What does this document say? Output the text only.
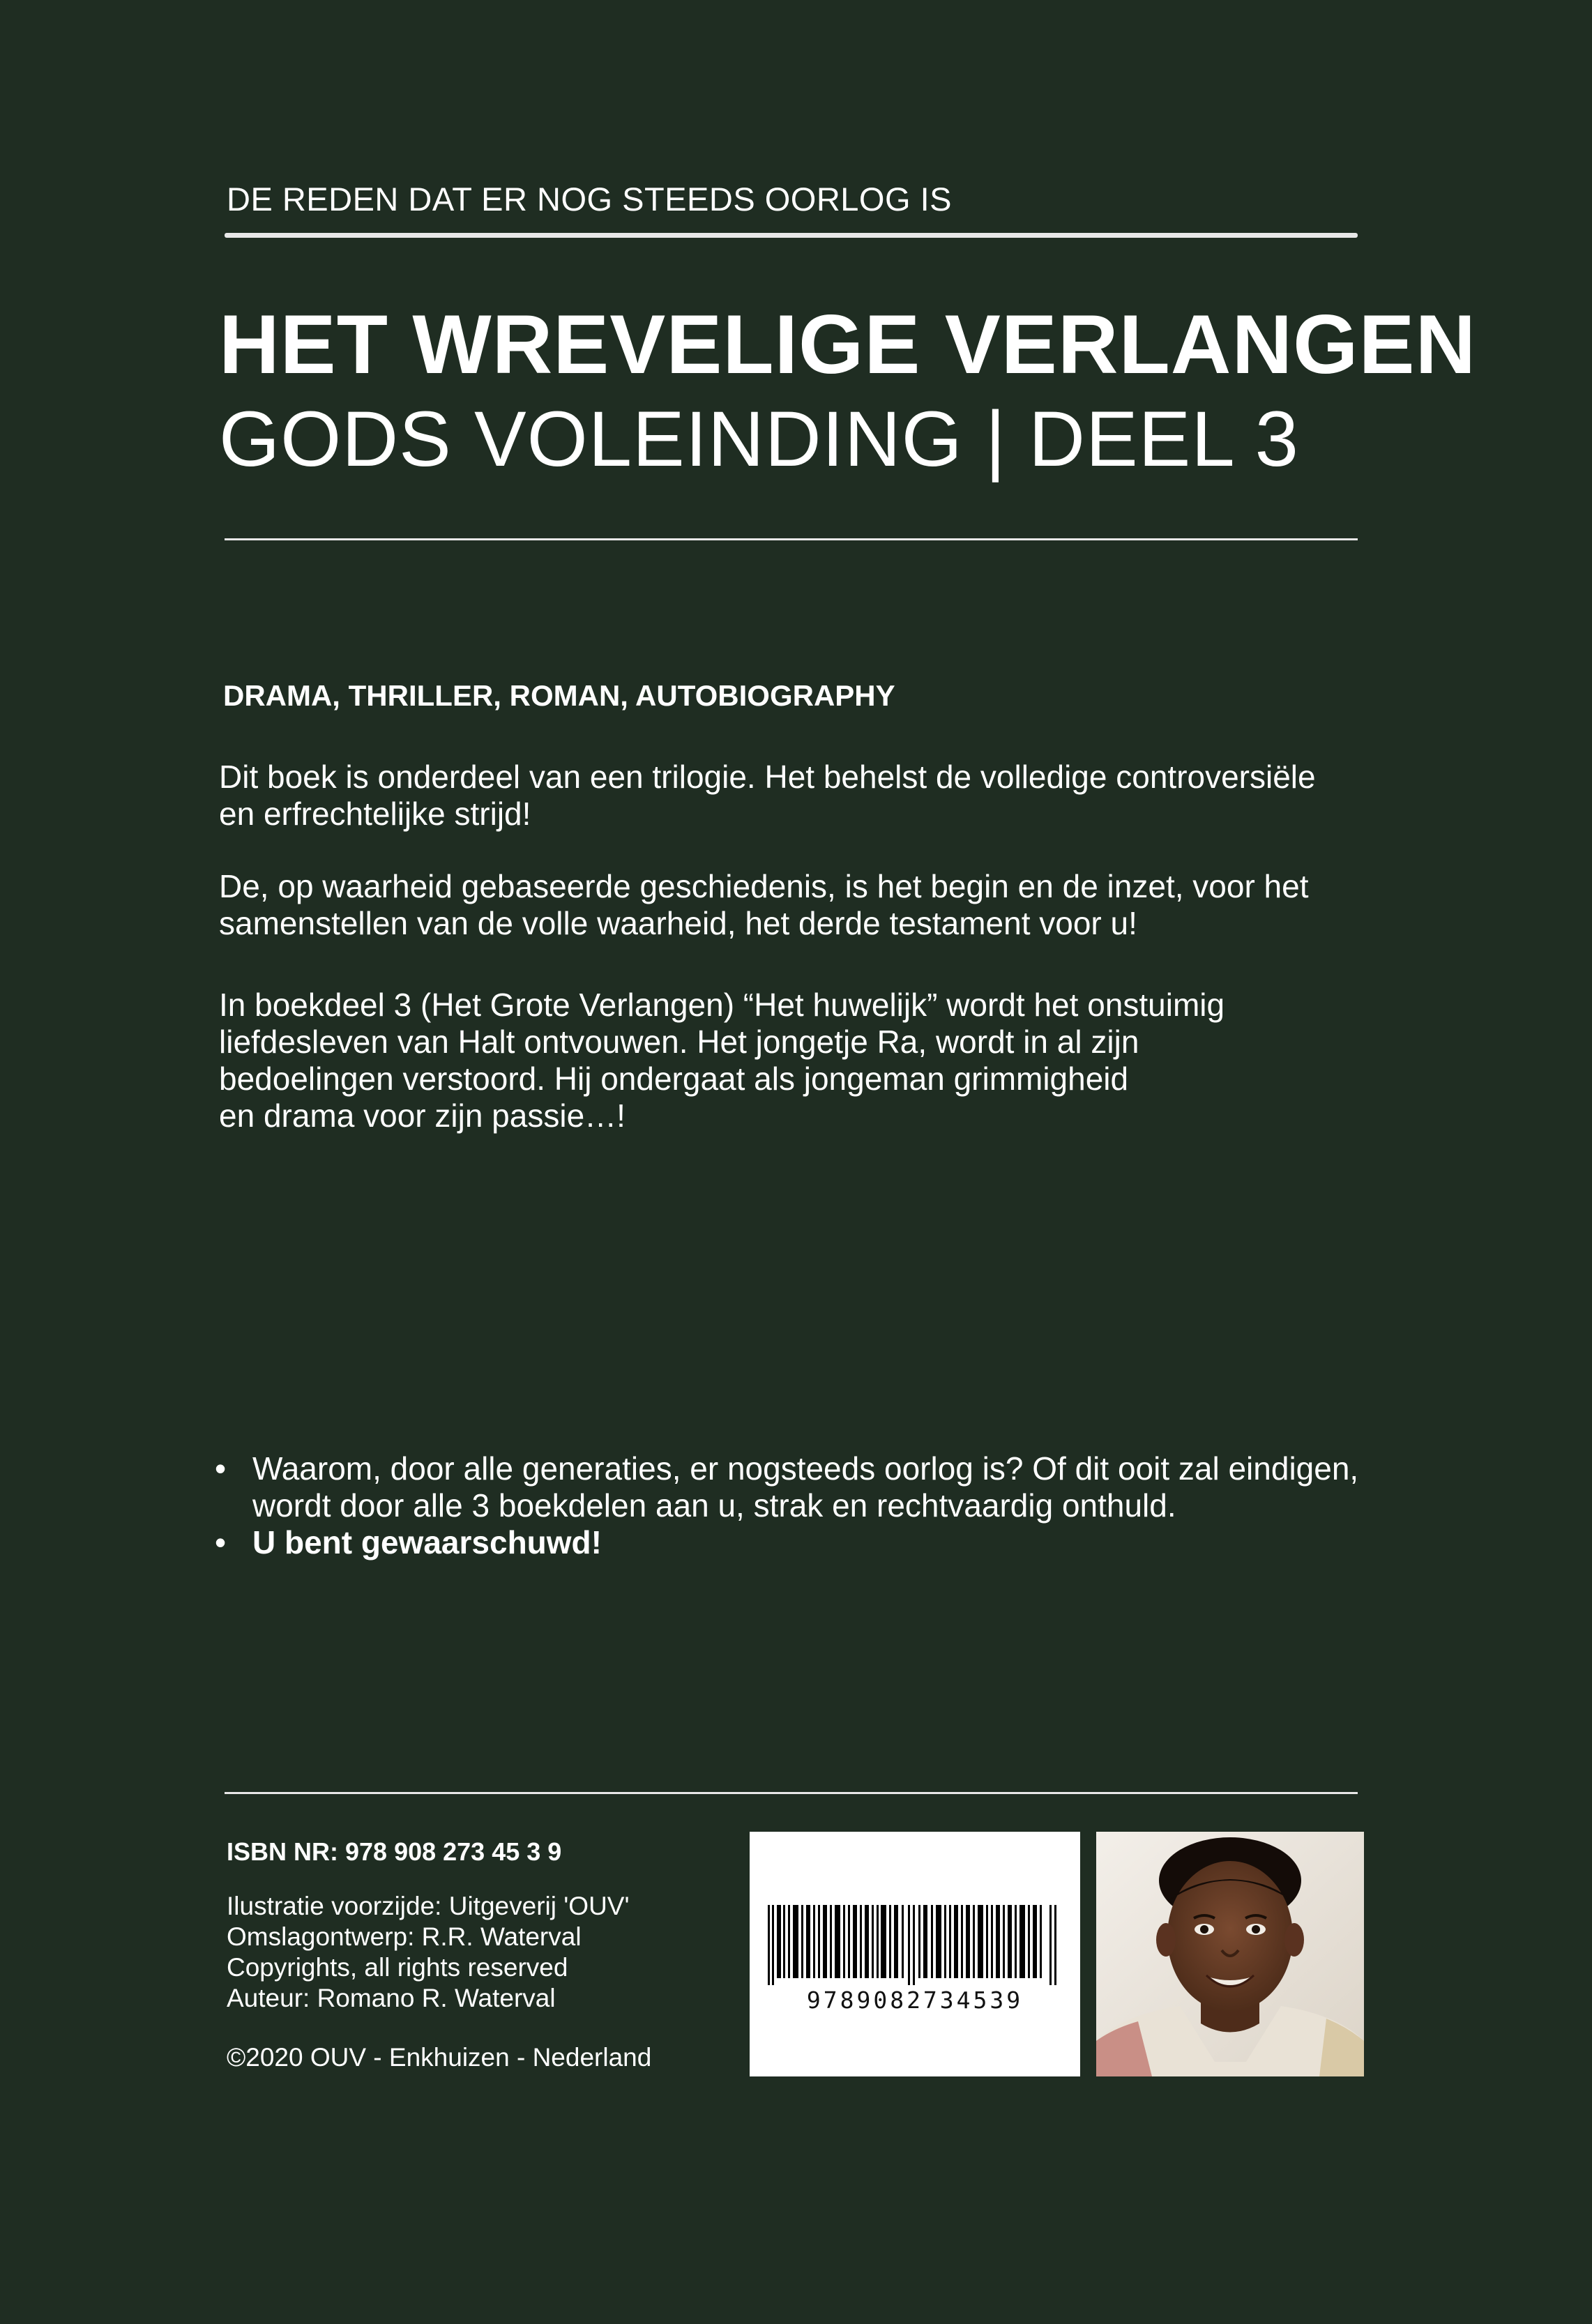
DE REDEN DAT ER NOG STEEDS OORLOG IS
HET WREVELIGE VERLANGEN
GODS VOLEINDING | DEEL 3
DRAMA, THRILLER, ROMAN, AUTOBIOGRAPHY

Dit boek is onderdeel van een trilogie. Het behelst de volledige controversiële
en erfrechtelijke strijd!

De, op waarheid gebaseerde geschiedenis, is het begin en de inzet, voor het
samenstellen van de volle waarheid, het derde testament voor u!

In boekdeel 3 (Het Grote Verlangen) “Het huwelijk” wordt het onstuimig
liefdesleven van Halt ontvouwen. Het jongetje Ra, wordt in al zijn
bedoelingen verstoord. Hij ondergaat als jongeman grimmigheid
en drama voor zijn passie…!

• Waarom, door alle generaties, er nogsteeds oorlog is? Of dit ooit zal eindigen,
wordt door alle 3 boekdelen aan u, strak en rechtvaardig onthuld.
• U bent gewaarschuwd!
ISBN NR: 978 908 273 45 3 9
Ilustratie voorzijde: Uitgeverij 'OUV'
Omslagontwerp: R.R. Waterval
Copyrights, all rights reserved
Auteur: Romano R. Waterval
©2020 OUV - Enkhuizen - Nederland
9789082734539
